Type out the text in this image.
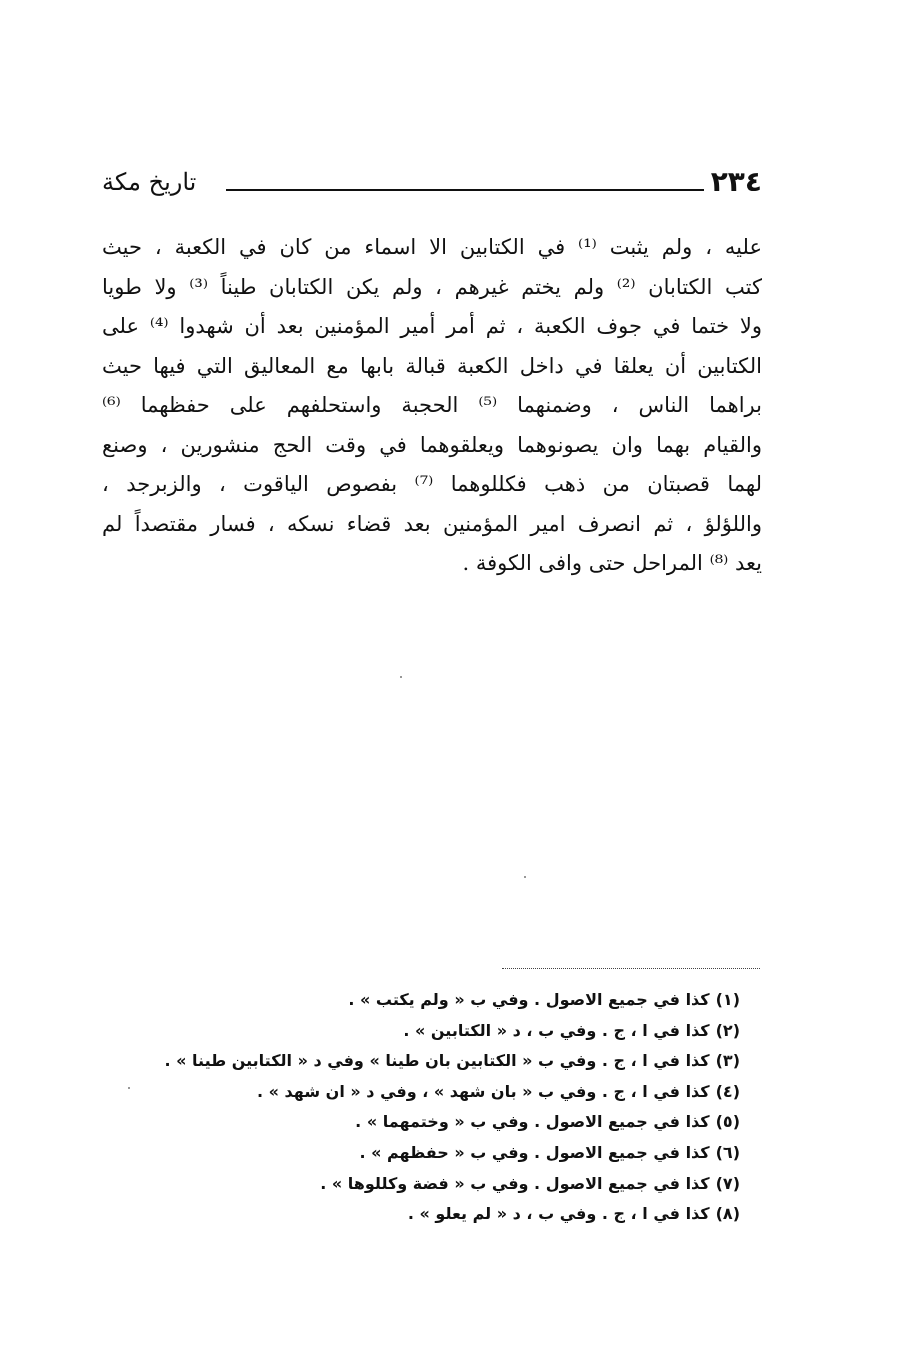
٢٣٤
تاريخ مكة
عليه ، ولم يثبت ⁽¹⁾ في الكتابين الا اسماء من كان في الكعبة ، حيث
كتب الكتابان ⁽²⁾ ولم يختم غيرهم ، ولم يكن الكتابان طيناً ⁽³⁾ ولا طويا
ولا ختما في جوف الكعبة ، ثم أمر أمير المؤمنين بعد أن شهدوا ⁽⁴⁾ على
الكتابين أن يعلقا في داخل الكعبة قبالة بابها مع المعاليق التي فيها حيث
براهما الناس ، وضمنهما ⁽⁵⁾ الحجبة واستحلفهم على حفظهما ⁽⁶⁾
والقيام بهما وان يصونوهما ويعلقوهما في وقت الحج منشورين ، وصنع
لهما قصبتان من ذهب فكللوهما ⁽⁷⁾ بفصوص الياقوت ، والزبرجد ،
واللؤلؤ ، ثم انصرف امير المؤمنين بعد قضاء نسكه ، فسار مقتصداً لم
يعد ⁽⁸⁾ المراحل حتى وافى الكوفة .
(١)كذا في جميع الاصول . وفي ب « ولم يكتب » .
(٢)كذا في ا ، ج . وفي ب ، د « الكتابين » .
(٣)كذا في ا ، ج . وفي ب « الكتابين بان طينا » وفي د « الكتابين طينا » .
(٤)كذا في ا ، ج . وفي ب « بان شهد » ، وفي د « ان شهد » .
(٥)كذا في جميع الاصول . وفي ب « وختمهما » .
(٦)كذا في جميع الاصول . وفي ب « حفظهم » .
(٧)كذا في جميع الاصول . وفي ب « فضة وكللوها » .
(٨)كذا في ا ، ج . وفي ب ، د « لم يعلو » .
